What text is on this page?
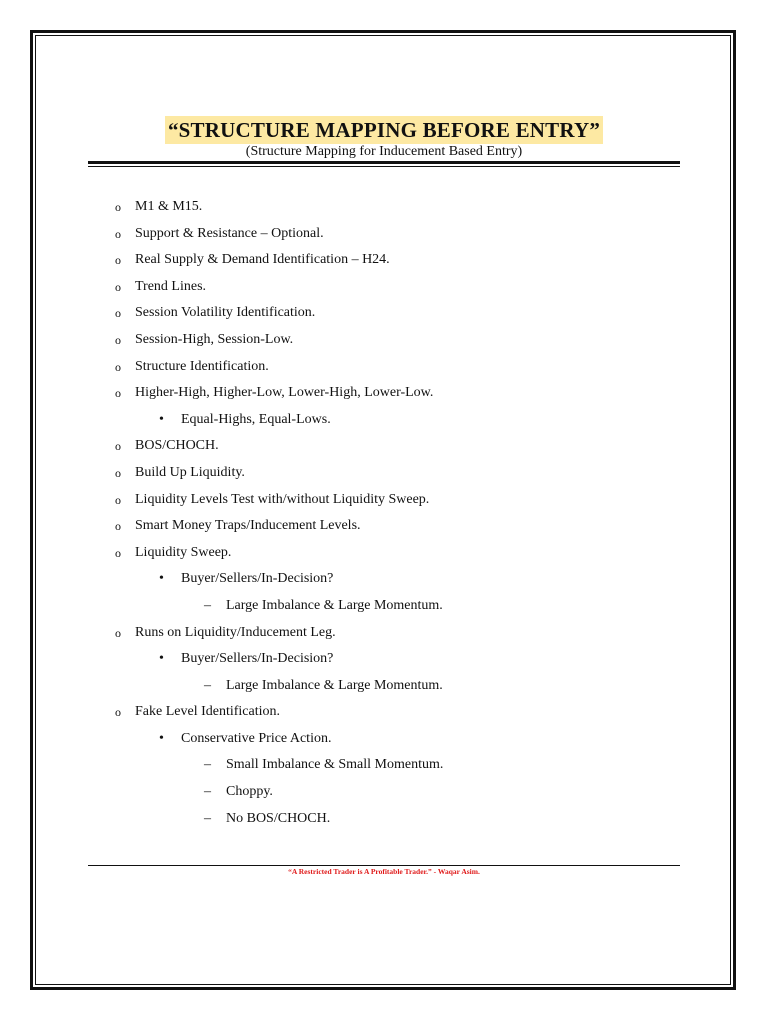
“STRUCTURE MAPPING BEFORE ENTRY”
(Structure Mapping for Inducement Based Entry)
o M1 & M15.
o Support & Resistance – Optional.
o Real Supply & Demand Identification – H24.
o Trend Lines.
o Session Volatility Identification.
o Session-High, Session-Low.
o Structure Identification.
o Higher-High, Higher-Low, Lower-High, Lower-Low.
• Equal-Highs, Equal-Lows.
o BOS/CHOCH.
o Build Up Liquidity.
o Liquidity Levels Test with/without Liquidity Sweep.
o Smart Money Traps/Inducement Levels.
o Liquidity Sweep.
• Buyer/Sellers/In-Decision?
– Large Imbalance & Large Momentum.
o Runs on Liquidity/Inducement Leg.
• Buyer/Sellers/In-Decision?
– Large Imbalance & Large Momentum.
o Fake Level Identification.
• Conservative Price Action.
– Small Imbalance & Small Momentum.
– Choppy.
– No BOS/CHOCH.
“A Restricted Trader is A Profitable Trader.” - Waqar Asim.
